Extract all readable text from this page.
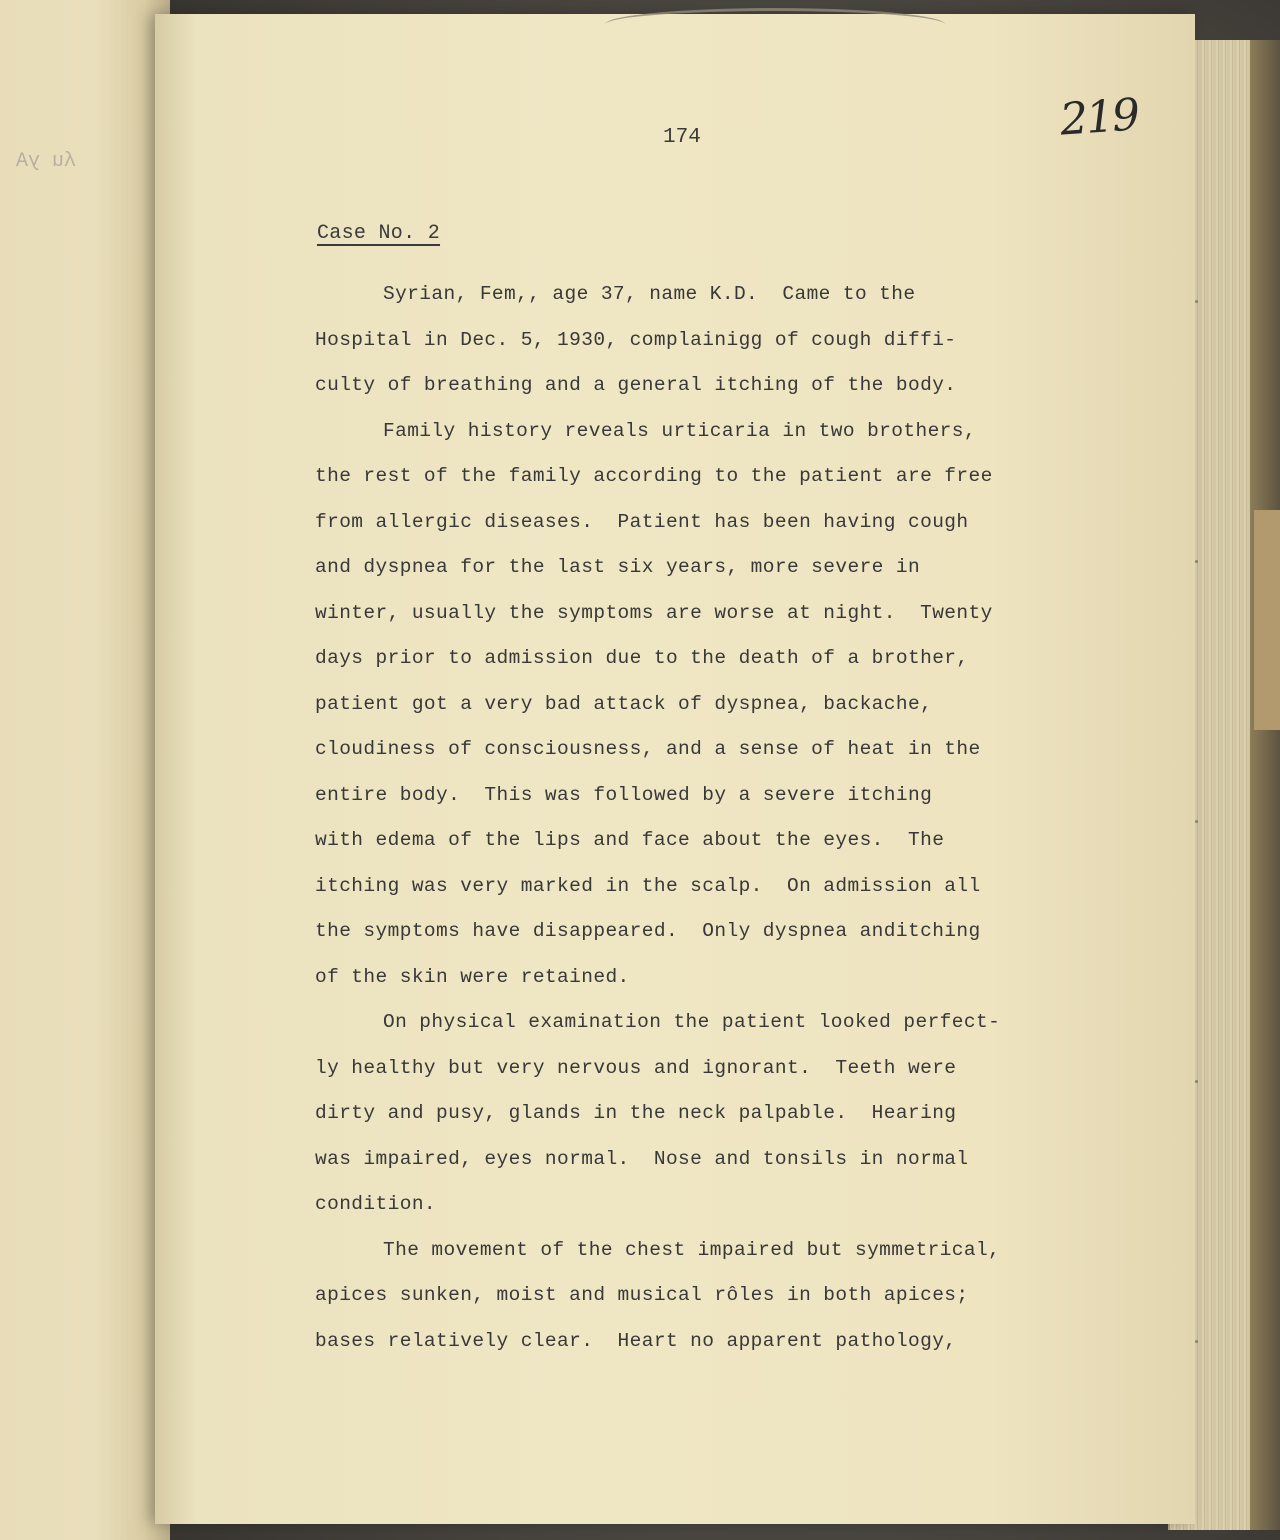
ʎu yA
174	219
Case No. 2
Syrian, Fem,, age 37, name K.D.  Came to the
Hospital in Dec. 5, 1930, complainigg of cough diffi-
culty of breathing and a general itching of the body.
Family history reveals urticaria in two brothers,
the rest of the family according to the patient are free
from allergic diseases.  Patient has been having cough
and dyspnea for the last six years, more severe in
winter, usually the symptoms are worse at night.  Twenty
days prior to admission due to the death of a brother,
patient got a very bad attack of dyspnea, backache,
cloudiness of consciousness, and a sense of heat in the
entire body.  This was followed by a severe itching
with edema of the lips and face about the eyes.  The
itching was very marked in the scalp.  On admission all
the symptoms have disappeared.  Only dyspnea anditching
of the skin were retained.
On physical examination the patient looked perfect-
ly healthy but very nervous and ignorant.  Teeth were
dirty and pusy, glands in the neck palpable.  Hearing
was impaired, eyes normal.  Nose and tonsils in normal
condition.
The movement of the chest impaired but symmetrical,
apices sunken, moist and musical rôles in both apices;
bases relatively clear.  Heart no apparent pathology,
